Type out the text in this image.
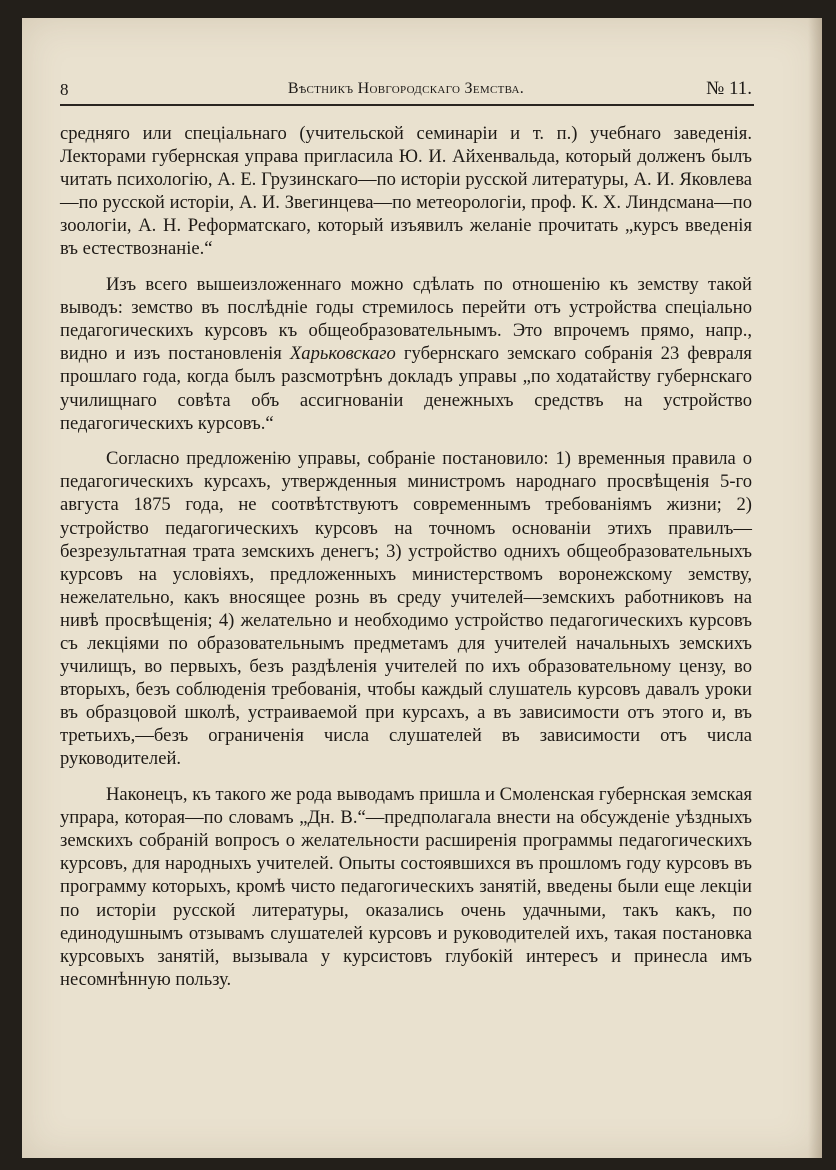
8	Вѣстникъ Новгородскаго Земства.	№ 11.

средняго или спеціальнаго (учительской семинаріи и т. п.) учебнаго заведенія. Лекторами губернская управа пригласила Ю. И. Айхенвальда, который долженъ былъ читать психологію, А. Е. Грузинскаго—по исторіи русской литературы, А. И. Яковлева—по русской исторіи, А. И. Звегинцева—по метеорологіи, проф. К. Х. Линдсмана—по зоологіи, А. Н. Реформатскаго, который изъявилъ желаніе прочитать „курсъ введенія въ естествознаніе.“

Изъ всего вышеизложеннаго можно сдѣлать по отношенію къ земству такой выводъ: земство въ послѣдніе годы стремилось перейти отъ устройства спеціально педагогическихъ курсовъ къ общеобразовательнымъ. Это впрочемъ прямо, напр., видно и изъ постановленія Харьковскаго губернскаго земскаго собранія 23 февраля прошлаго года, когда былъ разсмотрѣнъ докладъ управы „по ходатайству губернскаго училищнаго совѣта объ ассигнованіи денежныхъ средствъ на устройство педагогическихъ курсовъ.“

Согласно предложенію управы, собраніе постановило: 1) временныя правила о педагогическихъ курсахъ, утвержденныя министромъ народнаго просвѣщенія 5-го августа 1875 года, не соотвѣтствуютъ современнымъ требованіямъ жизни; 2) устройство педагогическихъ курсовъ на точномъ основаніи этихъ правилъ—безрезультатная трата земскихъ денегъ; 3) устройство однихъ общеобразовательныхъ курсовъ на условіяхъ, предложенныхъ министерствомъ воронежскому земству, нежелательно, какъ вносящее рознь въ среду учителей—земскихъ работниковъ на нивѣ просвѣщенія; 4) желательно и необходимо устройство педагогическихъ курсовъ съ лекціями по образовательнымъ предметамъ для учителей начальныхъ земскихъ училищъ, во первыхъ, безъ раздѣленія учителей по ихъ образовательному цензу, во вторыхъ, безъ соблюденія требованія, чтобы каждый слушатель курсовъ давалъ уроки въ образцовой школѣ, устраиваемой при курсахъ, а въ зависимости отъ этого и, въ третьихъ,—безъ ограниченія числа слушателей въ зависимости отъ числа руководителей.

Наконецъ, къ такого же рода выводамъ пришла и Смоленская губернская земская упрара, которая—по словамъ „Дн. В.“—предполагала внести на обсужденіе уѣздныхъ земскихъ собраній вопросъ о желательности расширенія программы педагогическихъ курсовъ, для народныхъ учителей. Опыты состоявшихся въ прошломъ году курсовъ въ программу которыхъ, кромѣ чисто педагогическихъ занятій, введены были еще лекціи по исторіи русской литературы, оказались очень удачными, такъ какъ, по единодушнымъ отзывамъ слушателей курсовъ и руководителей ихъ, такая постановка курсовыхъ занятій, вызывала у курсистовъ глубокій интересъ и принесла имъ несомнѣнную пользу.
